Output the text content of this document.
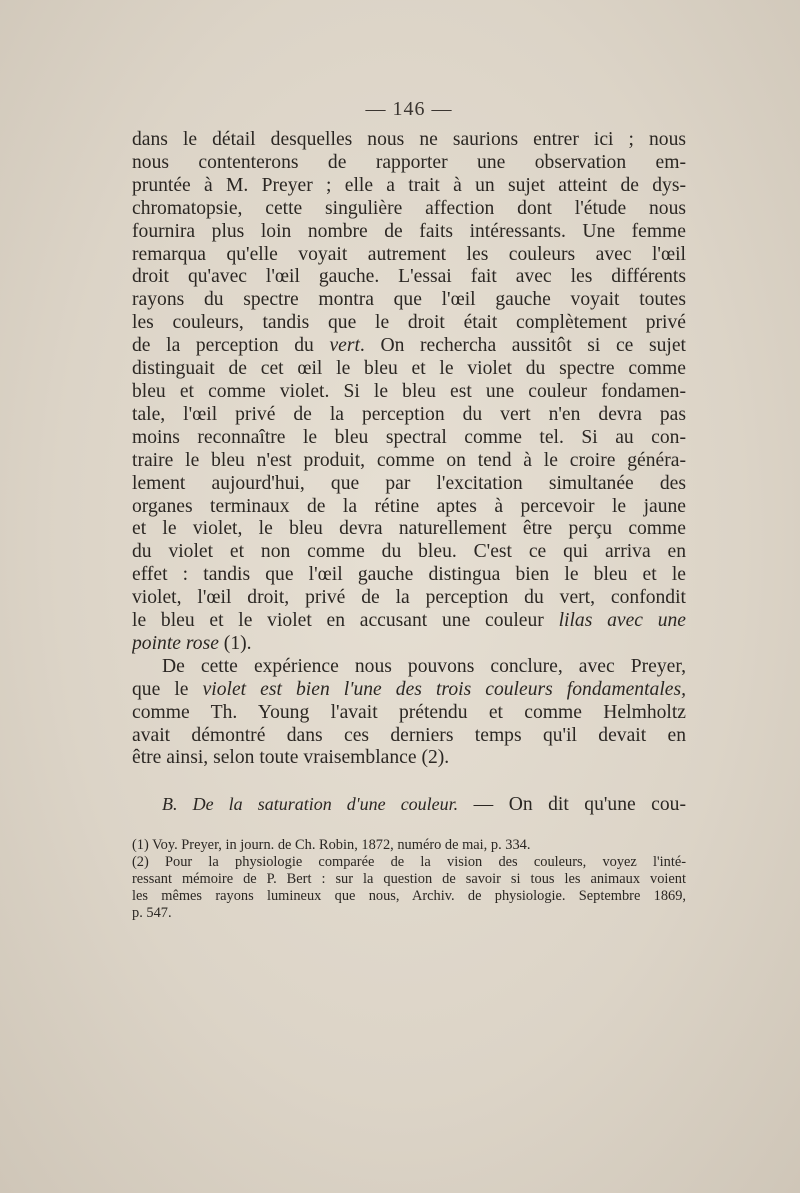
— 146 —
dans le détail desquelles nous ne saurions entrer ici ; nous
nous contenterons de rapporter une observation em-
pruntée à M. Preyer ; elle a trait à un sujet atteint de dys-
chromatopsie, cette singulière affection dont l'étude nous
fournira plus loin nombre de faits intéressants. Une femme
remarqua qu'elle voyait autrement les couleurs avec l'œil
droit qu'avec l'œil gauche. L'essai fait avec les différents
rayons du spectre montra que l'œil gauche voyait toutes
les couleurs, tandis que le droit était complètement privé
de la perception du vert. On rechercha aussitôt si ce sujet
distinguait de cet œil le bleu et le violet du spectre comme
bleu et comme violet. Si le bleu est une couleur fondamen-
tale, l'œil privé de la perception du vert n'en devra pas
moins reconnaître le bleu spectral comme tel. Si au con-
traire le bleu n'est produit, comme on tend à le croire généra-
lement aujourd'hui, que par l'excitation simultanée des
organes terminaux de la rétine aptes à percevoir le jaune
et le violet, le bleu devra naturellement être perçu comme
du violet et non comme du bleu. C'est ce qui arriva en
effet : tandis que l'œil gauche distingua bien le bleu et le
violet, l'œil droit, privé de la perception du vert, confondit
le bleu et le violet en accusant une couleur lilas avec une
pointe rose (1).
De cette expérience nous pouvons conclure, avec Preyer,
que le violet est bien l'une des trois couleurs fondamentales,
comme Th. Young l'avait prétendu et comme Helmholtz
avait démontré dans ces derniers temps qu'il devait en
être ainsi, selon toute vraisemblance (2).
B. De la saturation d'une couleur. — On dit qu'une cou-
(1) Voy. Preyer, in journ. de Ch. Robin, 1872, numéro de mai, p. 334.
(2) Pour la physiologie comparée de la vision des couleurs, voyez l'inté-
ressant mémoire de P. Bert : sur la question de savoir si tous les animaux voient
les mêmes rayons lumineux que nous, Archiv. de physiologie. Septembre 1869,
p. 547.
